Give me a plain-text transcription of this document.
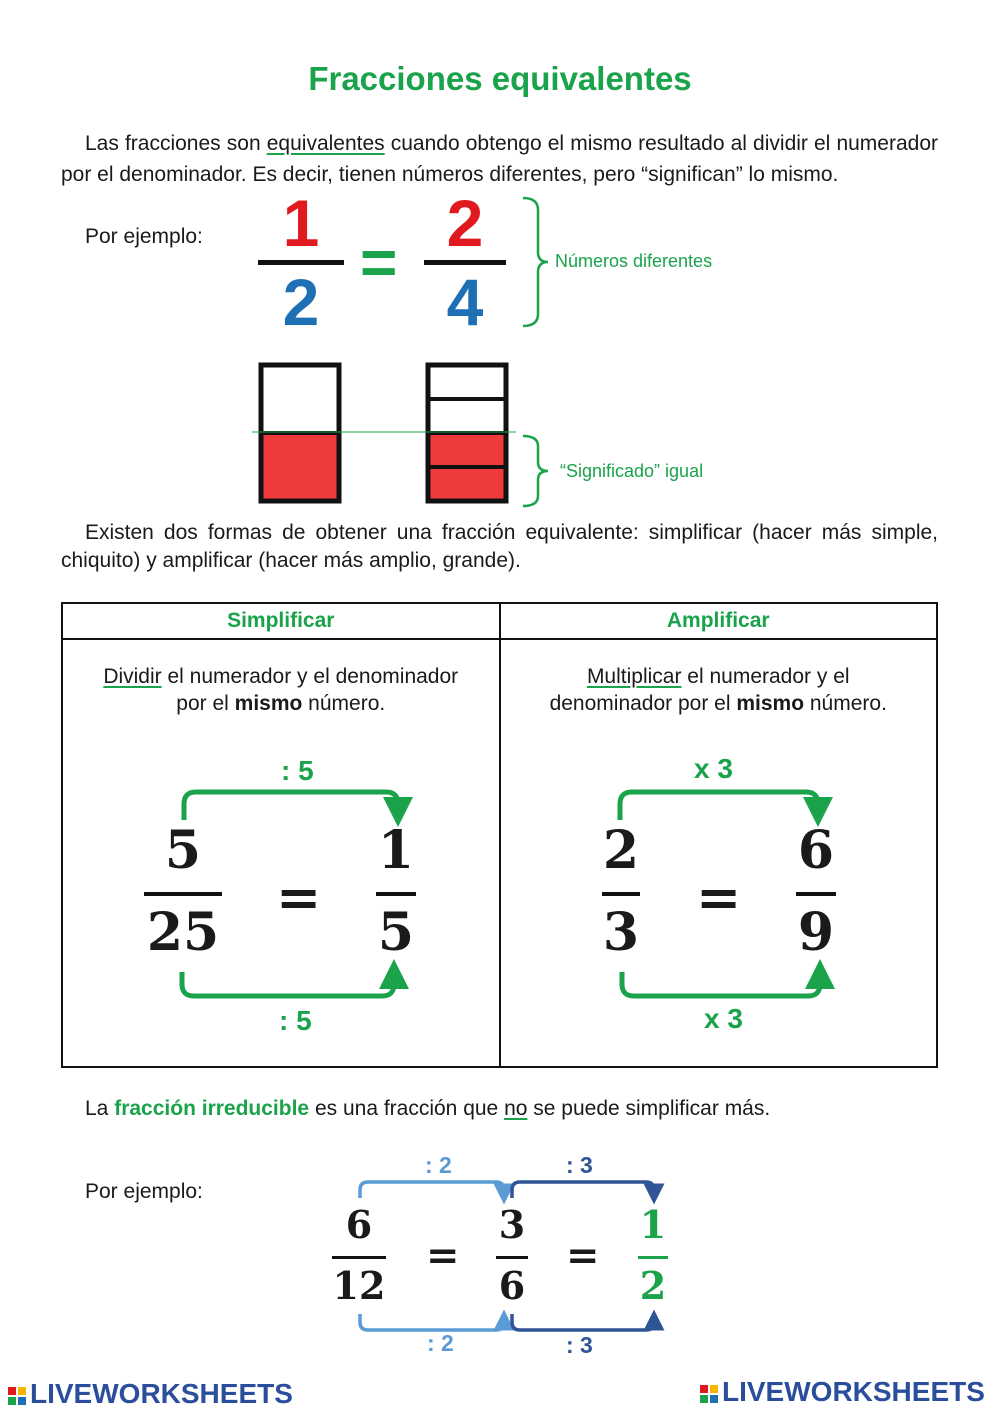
Fracciones equivalentes
Las fracciones son equivalentes cuando obtengo el mismo resultado al dividir el numerador por el denominador. Es decir, tienen números diferentes, pero “significan” lo mismo.
Por ejemplo:	1
2
=
2
4
Números diferentes
“Significado” igual
Existen dos formas de obtener una fracción equivalente: simplificar (hacer más simple, chiquito) y amplificar (hacer más amplio, grande).
Simplificar	Amplificar

Dividir el numerador y el denominador
por el mismo número.	Multiplicar el numerador y el
denominador por el mismo número.
: 5
: 5
x 3
x 3
5
25
=
1
5
2
3
=
6
9
La fracción irreducible es una fracción que no se puede simplificar más.
Por ejemplo:
: 2
: 2
: 3
: 3
6
12
=
3
6
=
1
2
LIVEWORKSHEETS	LIVEWORKSHEETS
